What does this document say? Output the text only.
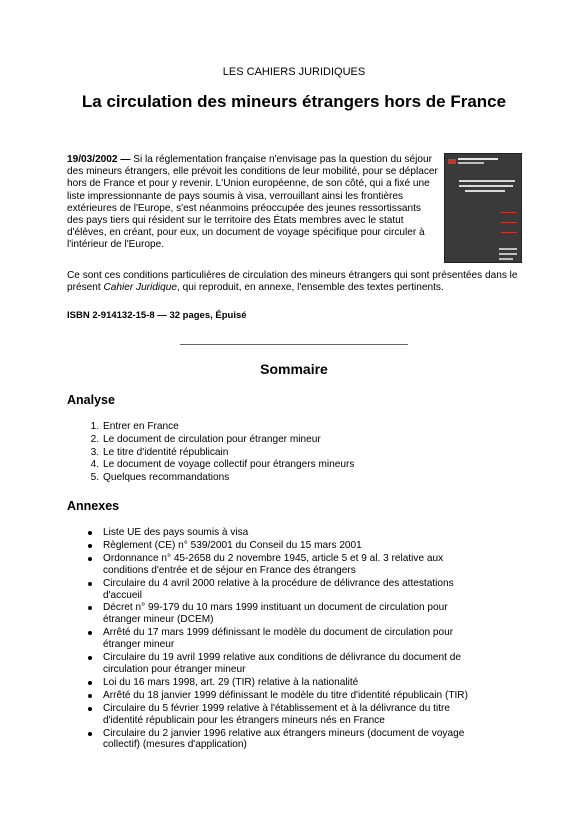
LES CAHIERS JURIDIQUES
La circulation des mineurs étrangers hors de France

19/03/2002 — Si la réglementation française n'envisage pas la question du séjour des mineurs étrangers, elle prévoit les conditions de leur mobilité, pour se déplacer hors de France et pour y revenir. L'Union européenne, de son côté, qui a fixé une liste impressionnante de pays soumis à visa, verrouillant ainsi les frontières extérieures de l'Europe, s'est néanmoins préoccupée des jeunes ressortissants des pays tiers qui résident sur le territoire des États membres avec le statut d'élèves, en créant, pour eux, un document de voyage spécifique pour circuler à l'intérieur de l'Europe.

Ce sont ces conditions particulières de circulation des mineurs étrangers qui sont présentées dans le présent Cahier Juridique, qui reproduit, en annexe, l'ensemble des textes pertinents.

ISBN 2-914132-15-8 — 32 pages, Épuisé
Sommaire
Analyse
1. Entrer en France
2. Le document de circulation pour étranger mineur
3. Le titre d'identité républicain
4. Le document de voyage collectif pour étrangers mineurs
5. Quelques recommandations
Annexes
Liste UE des pays soumis à visa
Règlement (CE) n° 539/2001 du Conseil du 15 mars 2001
Ordonnance n° 45-2658 du 2 novembre 1945, article 5 et 9 al. 3 relative aux conditions d'entrée et de séjour en France des étrangers
Circulaire du 4 avril 2000 relative à la procédure de délivrance des attestations d'accueil
Décret n° 99-179 du 10 mars 1999 instituant un document de circulation pour étranger mineur (DCEM)
Arrêté du 17 mars 1999 définissant le modèle du document de circulation pour étranger mineur
Circulaire du 19 avril 1999 relative aux conditions de délivrance du document de circulation pour étranger mineur
Loi du 16 mars 1998, art. 29 (TIR) relative à la nationalité
Arrêté du 18 janvier 1999 définissant le modèle du titre d'identité républicain (TIR)
Circulaire du 5 février 1999 relative à l'établissement et à la délivrance du titre d'identité républicain pour les étrangers mineurs nés en France
Circulaire du 2 janvier 1996 relative aux étrangers mineurs (document de voyage collectif) (mesures d'application)
